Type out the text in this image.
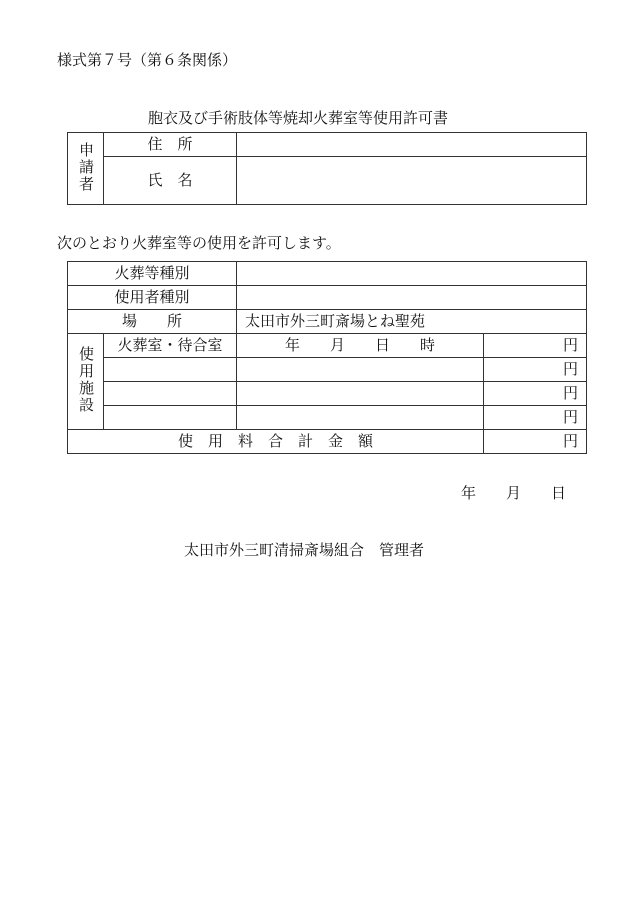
様式第７号（第６条関係）
胞衣及び手術肢体等焼却火葬室等使用許可書
申請者	住　所	
	氏　名	
次のとおり火葬室等の使用を許可します。
火葬等種別			
使用者種別			
場　　所		太田市外三町斎場とね聖苑	
使用施設	火葬室・待合室	年　　月　　日　　時	円
			円
			円
			円
使　用　料　合　計　金　額			円
年　　月　　日
太田市外三町清掃斎場組合　管理者
